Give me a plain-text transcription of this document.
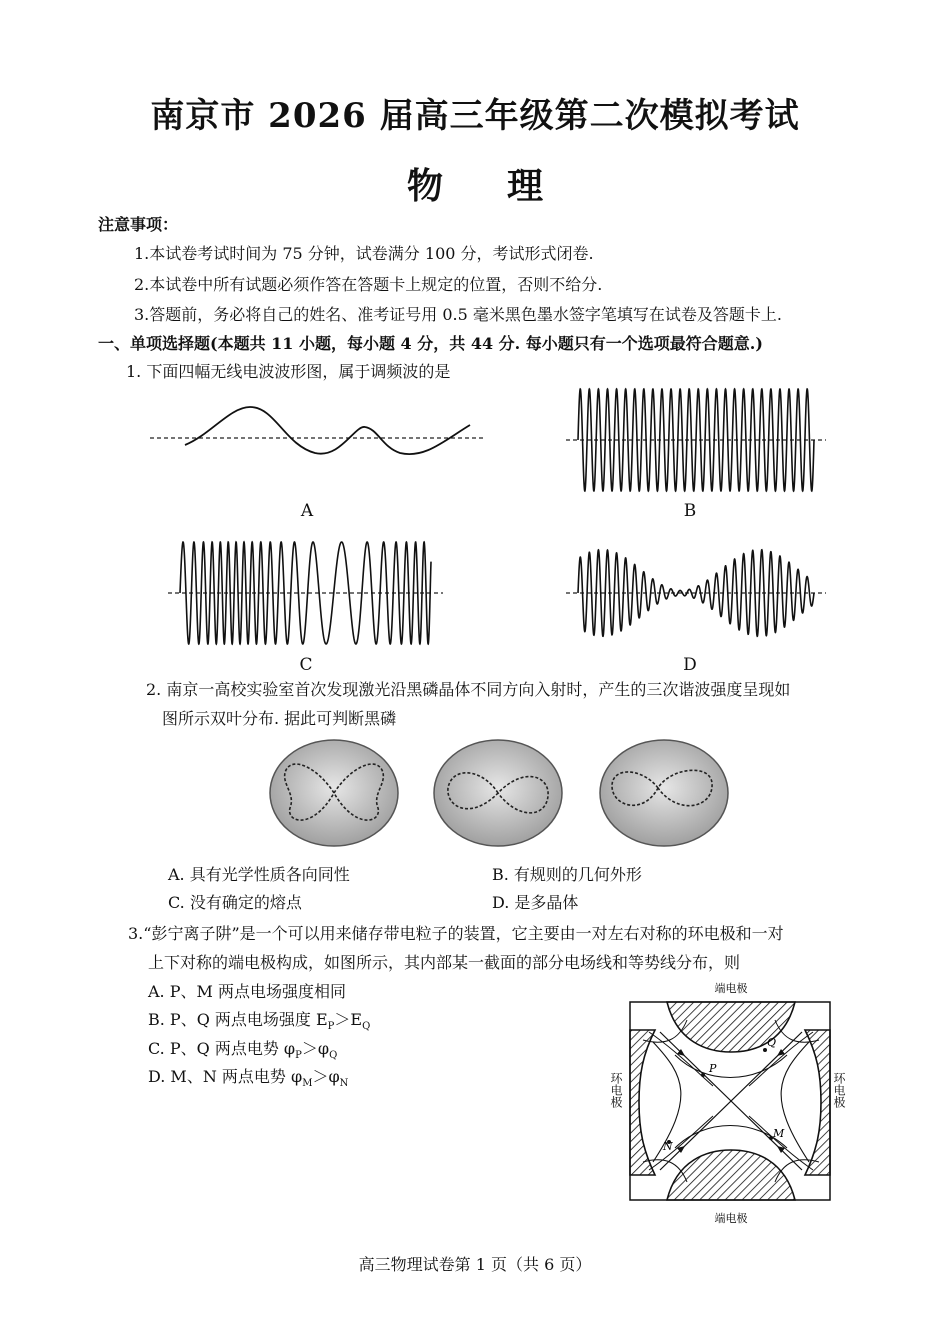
南京市 2026 届高三年级第二次模拟考试
物理
注意事项：
1.本试卷考试时间为 75 分钟，试卷满分 100 分，考试形式闭卷.
2.本试卷中所有试题必须作答在答题卡上规定的位置，否则不给分.
3.答题前，务必将自己的姓名、准考证号用 0.5 毫米黑色墨水签字笔填写在试卷及答题卡上.
一、单项选择题(本题共 11 小题，每小题 4 分，共 44 分. 每小题只有一个选项最符合题意.)
1. 下面四幅无线电波波形图，属于调频波的是
A	B
C	D
2. 南京一高校实验室首次发现激光沿黑磷晶体不同方向入射时，产生的三次谐波强度呈现如
图所示双叶分布. 据此可判断黑磷
A. 具有光学性质各向同性	B. 有规则的几何外形
C. 没有确定的熔点	D. 是多晶体
3.“彭宁离子阱”是一个可以用来储存带电粒子的装置，它主要由一对左右对称的环电极和一对
上下对称的端电极构成，如图所示，其内部某一截面的部分电场线和等势线分布，则
A. P、M 两点电场强度相同
B. P、Q 两点电场强度 $E_P>E_Q$
C. P、Q 两点电势 $\varphi_P>\varphi_Q$
D. M、N 两点电势 $\varphi_M>\varphi_N$
端电极
端电极
P
Q
M
N
环电极	环电极
高三物理试卷第 1 页（共 6 页）
